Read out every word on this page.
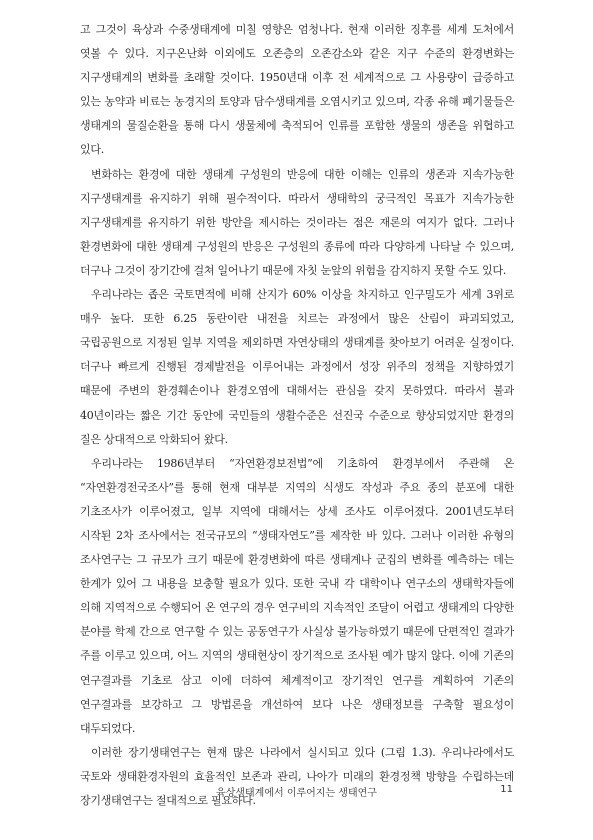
고 그것이 육상과 수중생태계에 미칠 영향은 엄청나다. 현재 이러한 징후를 세계 도처에서 엿볼 수 있다. 지구온난화 이외에도 오존층의 오존감소와 같은 지구 수준의 환경변화는 지구생태계의 변화를 초래할 것이다. 1950년대 이후 전 세계적으로 그 사용량이 급증하고 있는 농약과 비료는 농경지의 토양과 담수생태계를 오염시키고 있으며, 각종 유해 폐기물들은 생태계의 물질순환을 통해 다시 생물체에 축적되어 인류를 포함한 생물의 생존을 위협하고 있다.

변화하는 환경에 대한 생태계 구성원의 반응에 대한 이해는 인류의 생존과 지속가능한 지구생태계를 유지하기 위해 필수적이다. 따라서 생태학의 궁극적인 목표가 지속가능한 지구생태계를 유지하기 위한 방안을 제시하는 것이라는 점은 재론의 여지가 없다. 그러나 환경변화에 대한 생태계 구성원의 반응은 구성원의 종류에 따라 다양하게 나타날 수 있으며, 더구나 그것이 장기간에 걸쳐 일어나기 때문에 자칫 눈앞의 위험을 감지하지 못할 수도 있다.

우리나라는 좁은 국토면적에 비해 산지가 60% 이상을 차지하고 인구밀도가 세계 3위로 매우 높다. 또한 6.25 동란이란 내전을 치르는 과정에서 많은 산림이 파괴되었고, 국립공원으로 지정된 일부 지역을 제외하면 자연상태의 생태계를 찾아보기 어려운 실정이다. 더구나 빠르게 진행된 경제발전을 이루어내는 과정에서 성장 위주의 정책을 지향하였기 때문에 주변의 환경훼손이나 환경오염에 대해서는 관심을 갖지 못하였다. 따라서 불과 40년이라는 짧은 기간 동안에 국민들의 생활수준은 선진국 수준으로 향상되었지만 환경의 질은 상대적으로 악화되어 왔다.

우리나라는 1986년부터 “자연환경보전법”에 기초하여 환경부에서 주관해 온 “자연환경전국조사”를 통해 현재 대부분 지역의 식생도 작성과 주요 종의 분포에 대한 기초조사가 이루어졌고, 일부 지역에 대해서는 상세 조사도 이루어졌다. 2001년도부터 시작된 2차 조사에서는 전국규모의 “생태자연도”를 제작한 바 있다. 그러나 이러한 유형의 조사연구는 그 규모가 크기 때문에 환경변화에 따른 생태계나 군집의 변화를 예측하는 데는 한계가 있어 그 내용을 보충할 필요가 있다. 또한 국내 각 대학이나 연구소의 생태학자들에 의해 지역적으로 수행되어 온 연구의 경우 연구비의 지속적인 조달이 어렵고 생태계의 다양한 분야를 학제 간으로 연구할 수 있는 공동연구가 사실상 불가능하였기 때문에 단편적인 결과가 주를 이루고 있으며, 어느 지역의 생태현상이 장기적으로 조사된 예가 많지 않다. 이에 기존의 연구결과를 기초로 삼고 이에 더하여 체계적이고 장기적인 연구를 계획하여 기존의 연구결과를 보강하고 그 방법론을 개선하여 보다 나은 생태정보를 구축할 필요성이 대두되었다.

이러한 장기생태연구는 현재 많은 나라에서 실시되고 있다 (그림 1.3). 우리나라에서도 국토와 생태환경자원의 효율적인 보존과 관리, 나아가 미래의 환경정책 방향을 수립하는데 장기생태연구는 절대적으로 필요하다.

육상생태계에서 이루어지는 생태연구	11
